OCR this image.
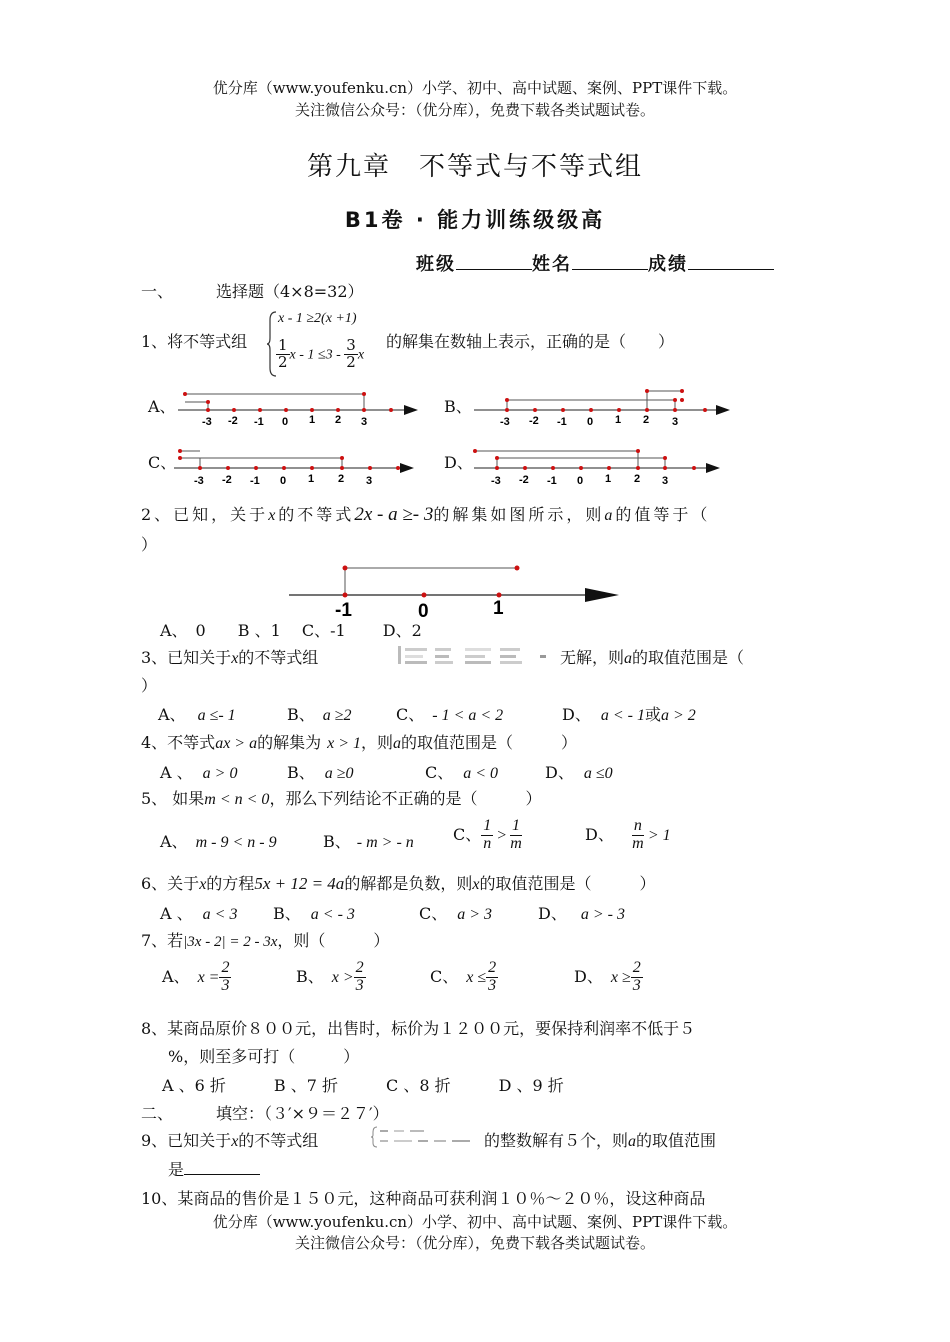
优分库（www.youfenku.cn）小学、初中、高中试题、案例、PPT课件下载。
关注微信公众号：（优分库），免费下载各类试题试卷。
第九章　不等式与不等式组
B1卷 · 能力训练级级高
班级	姓名	成绩
一、	选择题（4×8=32）
1、将不等式组
x - 1 ≥2(x +1)
$\frac{1}{2}$ $x - 1 \le 3 - \frac{3}{2}$ x
的解集在数轴上表示，正确的是（　　）
A、	B、
C、	D、
-3 -2 -1 0 1 2 3	-3 -2 -1 0 1 2 3
-3 -2 -1 0 1 2 3	-3 -2 -1 0 1 2 3
2、已知，关于x的不等式2x - a ≥- 3的解集如图所示，则a的值等于（
）
-1	0	1
A、　0　　B 、1　 C、-1　　 D、2
3、已知关于x的不等式组	无解，则a的取值范围是（
）
A、 a ≤- 1	B、 a ≥2	C、 - 1 < a < 2	D、 a < - 1或a > 2
4、不等式ax > a的解集为 x > 1，则a的取值范围是（　　　）
A 、 a > 0	B、 a ≥0	C、 a < 0	D、 a ≤0
5、 如果m < n < 0，那么下列结论不正确的是（　　　）
A、 m - 9 < n - 9	B、 - m > - n C、 $\frac{1}{n} > \frac{1}{m}$	D、 $\frac{n}{m} > 1$
6、关于x的方程5x + 12 = 4a的解都是负数，则x的取值范围是（　　　）
A 、 a < 3 B、 a < - 3	C、 a > 3	D、 a > - 3
7、若|3x - 2| = 2 - 3x，则（　　　）
A、 $x = \frac{2}{3}$	B、 $x > \frac{2}{3}$	C、 $x \le \frac{2}{3}$	D、 $x \ge \frac{2}{3}$
8、某商品原价８００元，出售时，标价为１２００元，要保持利润率不低于５
%，则至多可打（　　　）
A 、6 折　　　B 、7 折　　　C 、8 折　　　D 、9 折
二、	填空：（３′×９＝２７′）
9、已知关于x的不等式组	的整数解有５个，则a的取值范围
是
10、某商品的售价是１５０元，这种商品可获利润１０％～２０％，设这种商品
优分库（www.youfenku.cn）小学、初中、高中试题、案例、PPT课件下载。
关注微信公众号：（优分库），免费下载各类试题试卷。
